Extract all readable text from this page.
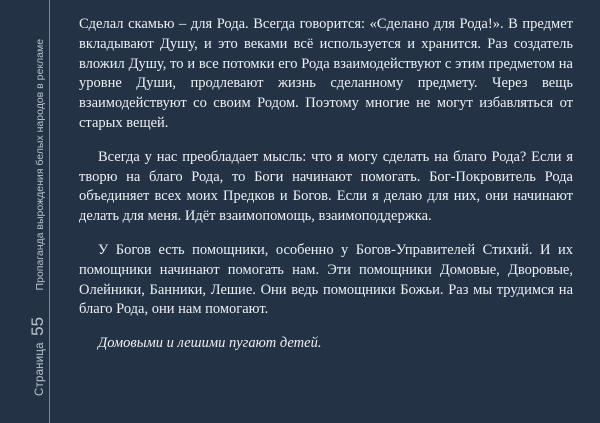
Страница 55 Пропаганда вырождения белых народов в рекламе

Сделал скамью – для Рода. Всегда говорится: «Сделано для Рода!». В предмет вкладывают Душу, и это веками всё используется и хранится. Раз создатель вложил Душу, то и все потомки его Рода взаимодействуют с этим предметом на уровне Души, продлевают жизнь сделанному предмету. Через вещь взаимодействуют со своим Родом. Поэтому многие не могут избавляться от старых вещей.

Всегда у нас преобладает мысль: что я могу сделать на благо Рода? Если я творю на благо Рода, то Боги начинают помогать. Бог-Покровитель Рода объединяет всех моих Предков и Богов. Если я делаю для них, они начинают делать для меня. Идёт взаимопомощь, взаимоподдержка.

У Богов есть помощники, особенно у Богов-Управителей Стихий. И их помощники начинают помогать нам. Эти помощники Домовые, Дворовые, Олейники, Банники, Лешие. Они ведь помощники Божьи. Раз мы трудимся на благо Рода, они нам помогают.

Домовыми и лешими пугают детей.
